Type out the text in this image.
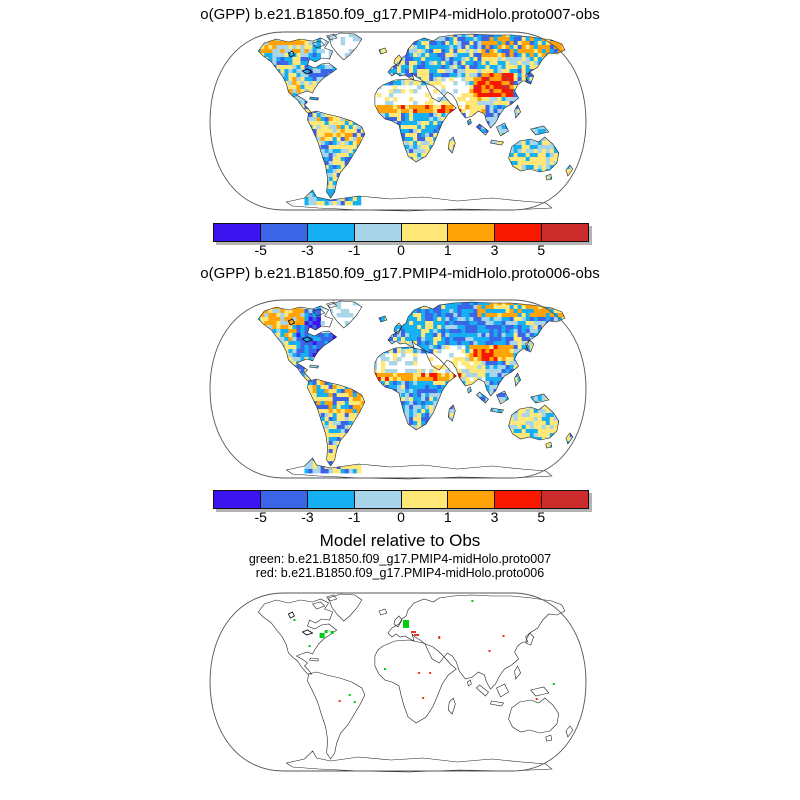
o(GPP) b.e21.B1850.f09_g17.PMIP4-midHolo.proto007-obs
-5 -3 -1	0	1	3	5
o(GPP) b.e21.B1850.f09_g17.PMIP4-midHolo.proto006-obs
-5 -3 -1	0	1	3	5
Model relative to Obs
green: b.e21.B1850.f09_g17.PMIP4-midHolo.proto007
red: b.e21.B1850.f09_g17.PMIP4-midHolo.proto006
